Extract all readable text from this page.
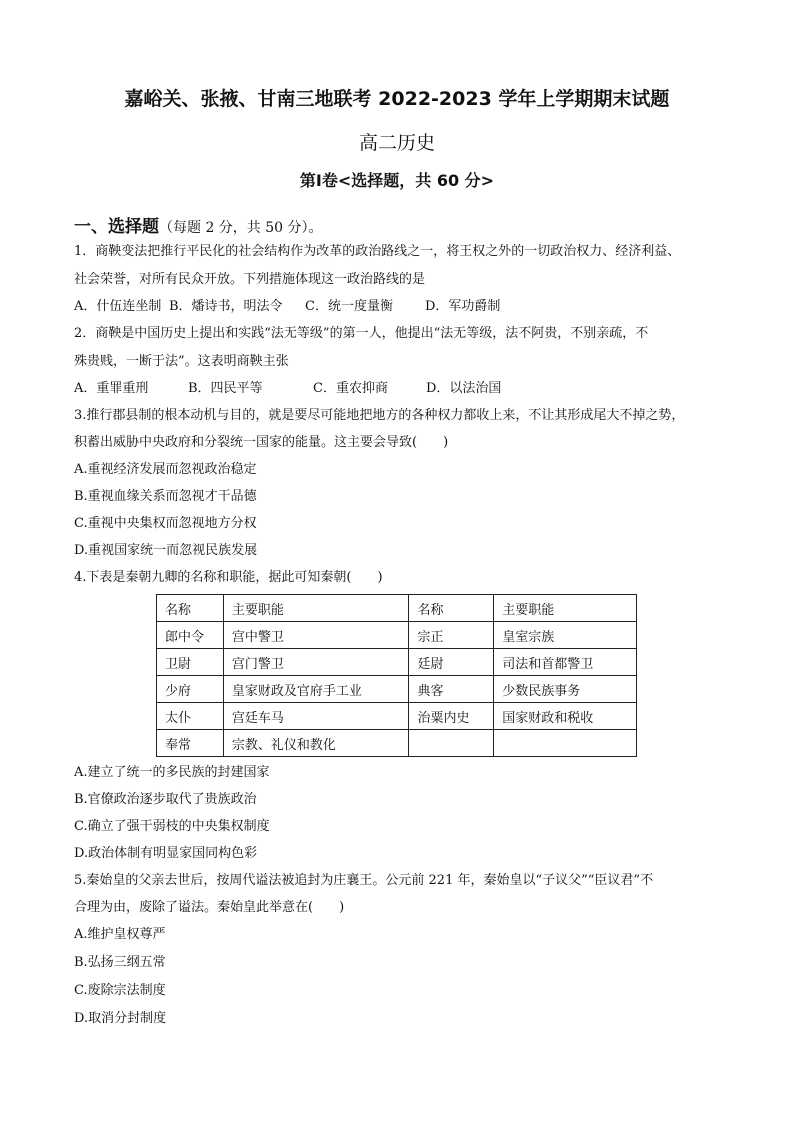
嘉峪关、张掖、甘南三地联考 2022-2023 学年上学期期末试题
高二历史
第Ⅰ卷<选择题，共 60 分>
一、选择题（每题 2 分，共 50 分）。
1．商鞅变法把推行平民化的社会结构作为改革的政治路线之一，将王权之外的一切政治权力、经济利益、
社会荣誉，对所有民众开放。下列措施体现这一政治路线的是
A．什伍连坐制 B．燔诗书，明法令 C．统一度量衡 D．军功爵制
2．商鞅是中国历史上提出和实践“法无等级”的第一人，他提出“法无等级，法不阿贵，不别亲疏，不
殊贵贱，一断于法”。这表明商鞅主张
A．重罪重刑	B．四民平等	C．重农抑商	D．以法治国
3.推行郡县制的根本动机与目的，就是要尽可能地把地方的各种权力都收上来，不让其形成尾大不掉之势，
积蓄出威胁中央政府和分裂统一国家的能量。这主要会导致(　　)
A.重视经济发展而忽视政治稳定
B.重视血缘关系而忽视才干品德
C.重视中央集权而忽视地方分权
D.重视国家统一而忽视民族发展
4.下表是秦朝九卿的名称和职能，据此可知秦朝(　　)
名称	主要职能	名称	主要职能
郎中令	宫中警卫	宗正	皇室宗族
卫尉	宫门警卫	廷尉	司法和首都警卫
少府	皇家财政及官府手工业	典客	少数民族事务
太仆	宫廷车马	治粟内史	国家财政和税收
奉常	宗教、礼仪和教化		
A.建立了统一的多民族的封建国家
B.官僚政治逐步取代了贵族政治
C.确立了强干弱枝的中央集权制度
D.政治体制有明显家国同构色彩
5.秦始皇的父亲去世后，按周代谥法被追封为庄襄王。公元前 221 年，秦始皇以“子议父”“臣议君”不
合理为由，废除了谥法。秦始皇此举意在(　　)
A.维护皇权尊严
B.弘扬三纲五常
C.废除宗法制度
D.取消分封制度
